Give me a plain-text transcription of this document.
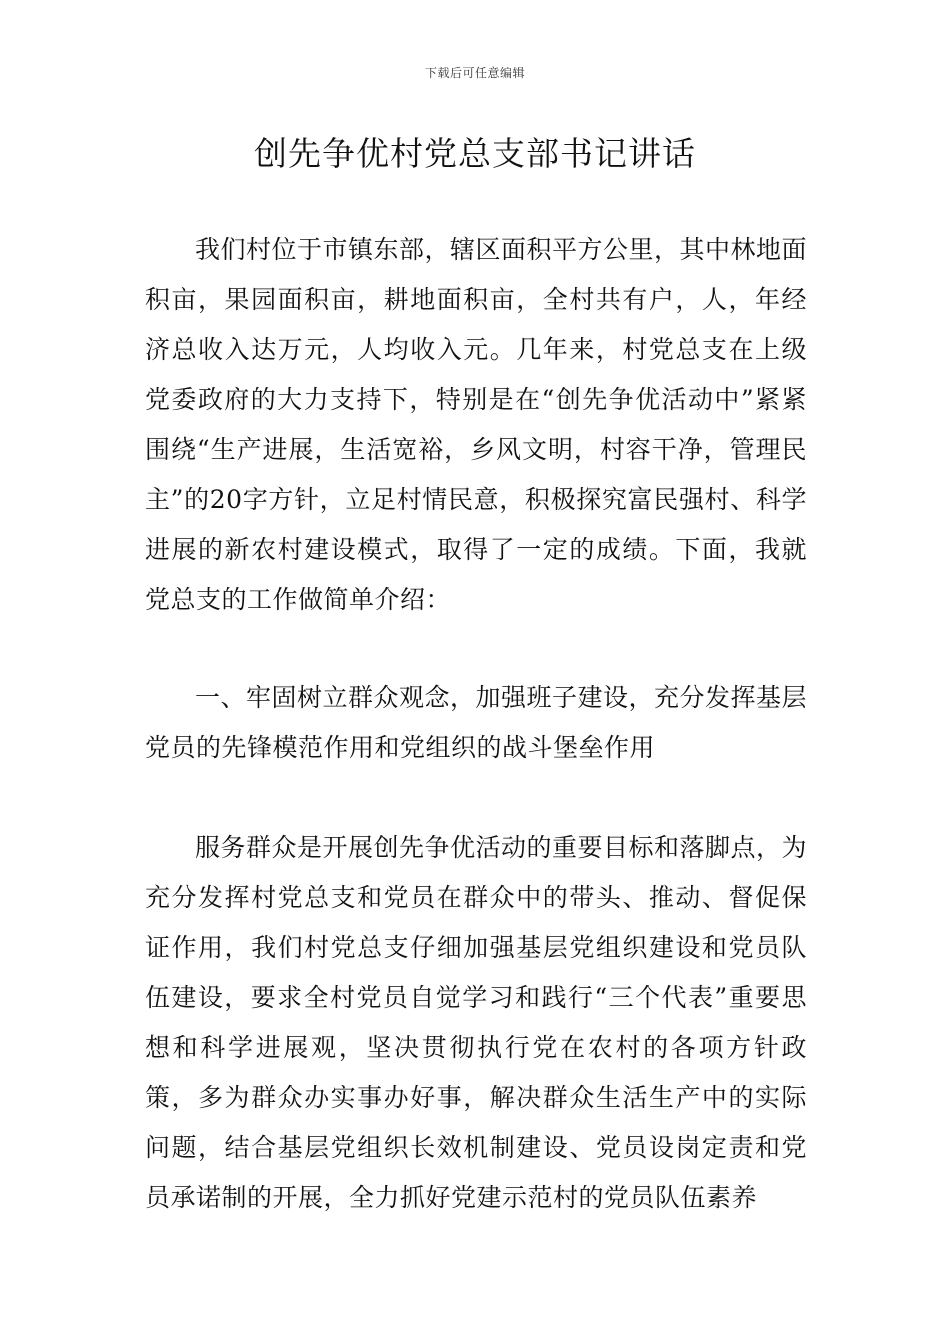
下载后可任意编辑
创先争优村党总支部书记讲话

我们村位于市镇东部，辖区面积平方公里，其中林地面积亩，果园面积亩，耕地面积亩，全村共有户，人，年经济总收入达万元，人均收入元。几年来，村党总支在上级党委政府的大力支持下，特别是在“创先争优活动中”紧紧围绕“生产进展，生活宽裕，乡风文明，村容干净，管理民主”的20字方针，立足村情民意，积极探究富民强村、科学进展的新农村建设模式，取得了一定的成绩。下面，我就党总支的工作做简单介绍：

一、牢固树立群众观念，加强班子建设，充分发挥基层党员的先锋模范作用和党组织的战斗堡垒作用

服务群众是开展创先争优活动的重要目标和落脚点，为充分发挥村党总支和党员在群众中的带头、推动、督促保证作用，我们村党总支仔细加强基层党组织建设和党员队伍建设，要求全村党员自觉学习和践行“三个代表”重要思想和科学进展观，坚决贯彻执行党在农村的各项方针政策，多为群众办实事办好事，解决群众生活生产中的实际问题，结合基层党组织长效机制建设、党员设岗定责和党员承诺制的开展，全力抓好党建示范村的党员队伍素养
